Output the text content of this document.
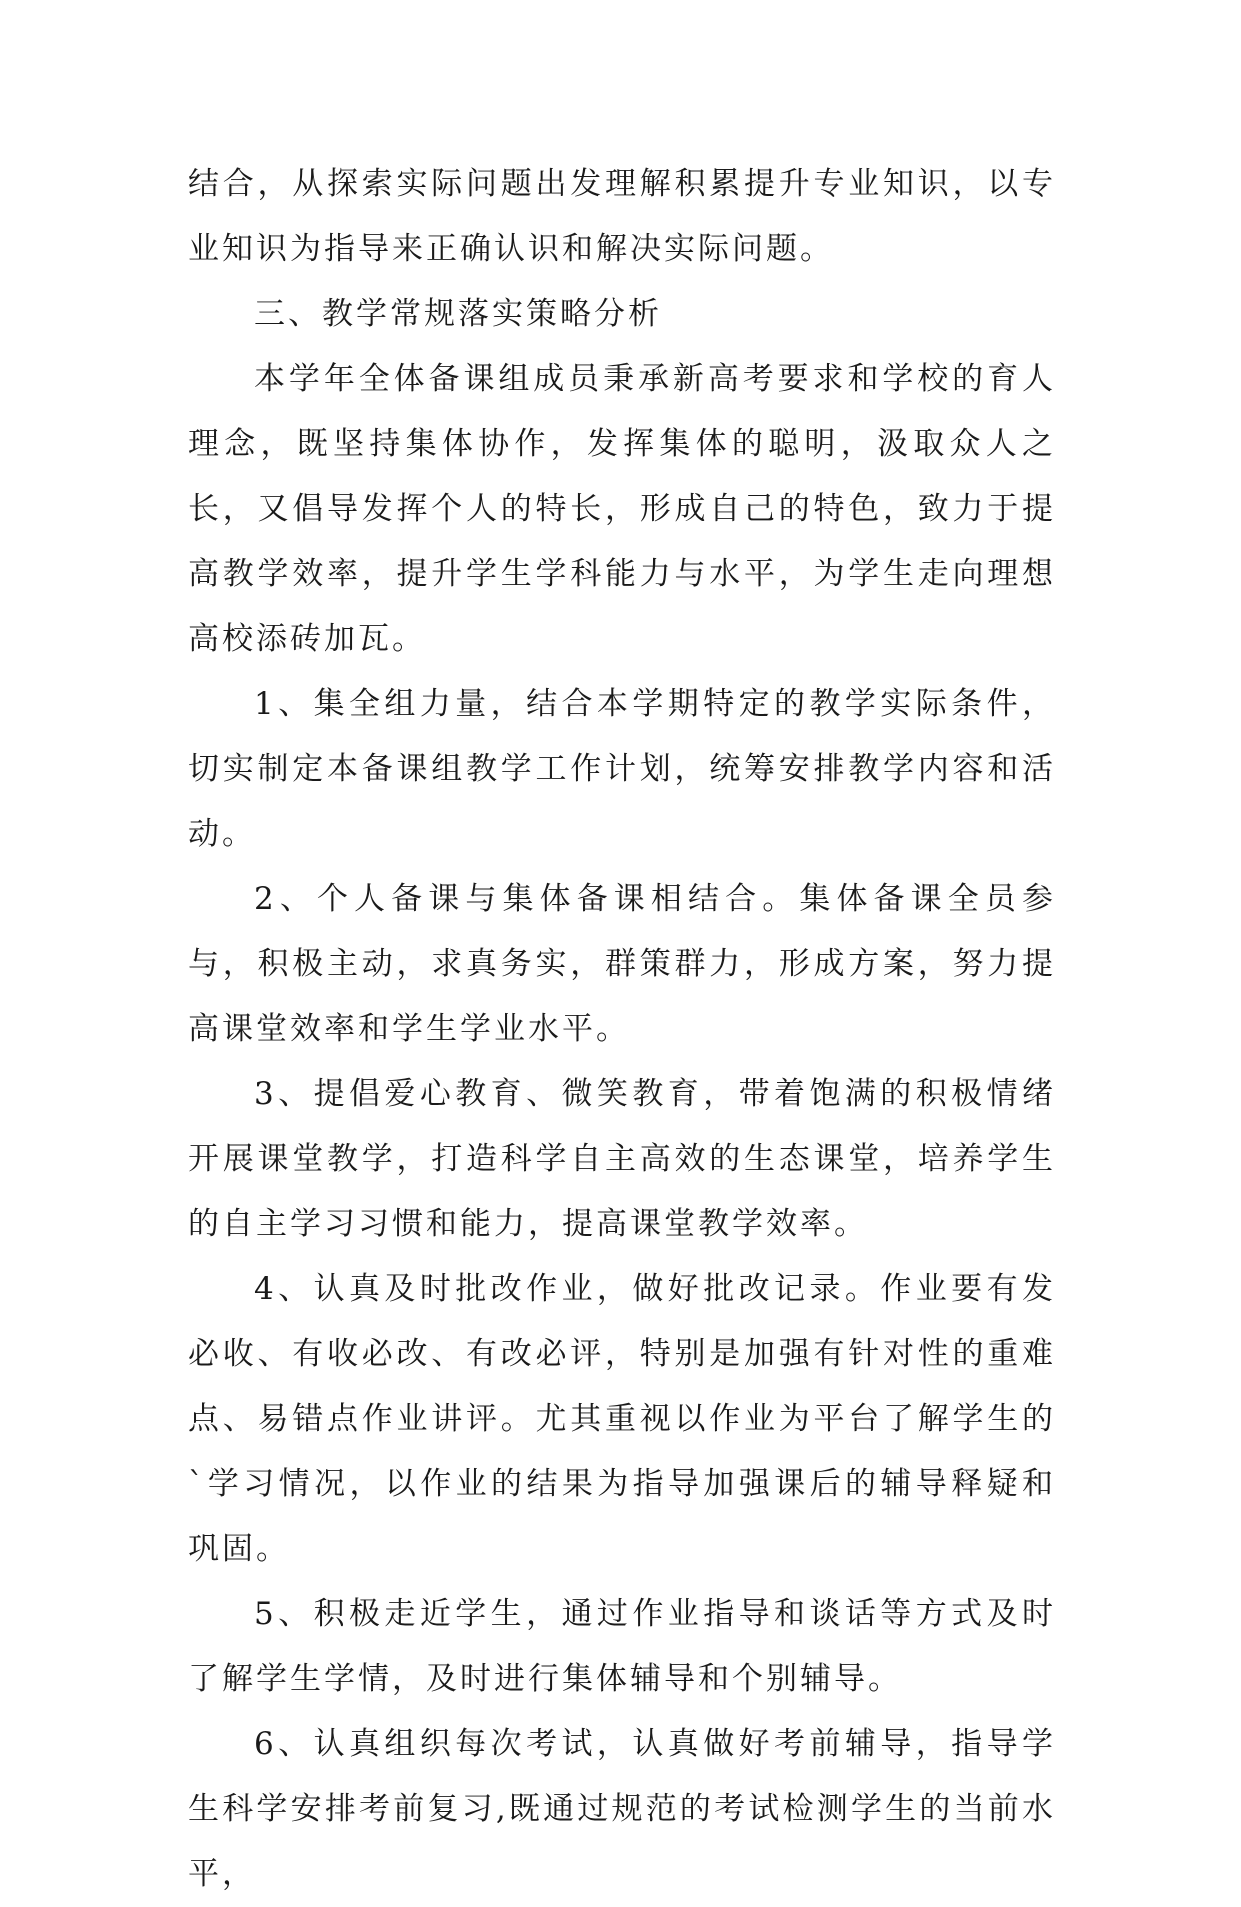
结合，从探索实际问题出发理解积累提升专业知识，以专业知识为指导来正确认识和解决实际问题。

三、教学常规落实策略分析

本学年全体备课组成员秉承新高考要求和学校的育人理念，既坚持集体协作，发挥集体的聪明，汲取众人之长，又倡导发挥个人的特长，形成自己的特色，致力于提高教学效率，提升学生学科能力与水平，为学生走向理想高校添砖加瓦。

1、集全组力量，结合本学期特定的教学实际条件，切实制定本备课组教学工作计划，统筹安排教学内容和活动。

2、个人备课与集体备课相结合。集体备课全员参与，积极主动，求真务实，群策群力，形成方案，努力提高课堂效率和学生学业水平。

3、提倡爱心教育、微笑教育，带着饱满的积极情绪开展课堂教学，打造科学自主高效的生态课堂，培养学生的自主学习习惯和能力，提高课堂教学效率。

4、认真及时批改作业，做好批改记录。作业要有发必收、有收必改、有改必评，特别是加强有针对性的重难点、易错点作业讲评。尤其重视以作业为平台了解学生的`学习情况，以作业的结果为指导加强课后的辅导释疑和巩固。

5、积极走近学生，通过作业指导和谈话等方式及时了解学生学情，及时进行集体辅导和个别辅导。

6、认真组织每次考试，认真做好考前辅导，指导学生科学安排考前复习,既通过规范的考试检测学生的当前水平，
